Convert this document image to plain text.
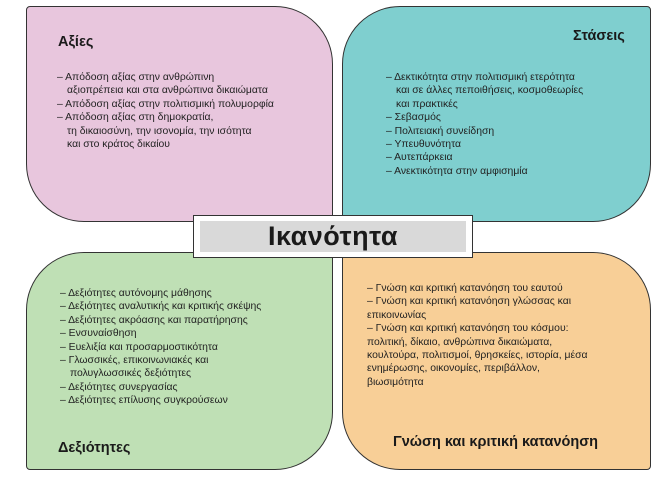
Αξίες
– Απόδοση αξίας στην ανθρώπινη
αξιοπρέπεια και στα ανθρώπινα δικαιώματα
– Απόδοση αξίας στην πολιτισμική πολυμορφία
– Απόδοση αξίας στη δημοκρατία,
τη δικαιοσύνη, την ισονομία, την ισότητα
και στο κράτος δικαίου
Στάσεις
– Δεκτικότητα στην πολιτισμική ετερότητα
και σε άλλες πεποιθήσεις, κοσμοθεωρίες
και πρακτικές
– Σεβασμός
– Πολιτειακή συνείδηση
– Υπευθυνότητα
– Αυτεπάρκεια
– Ανεκτικότητα στην αμφισημία
– Δεξιότητες αυτόνομης μάθησης
– Δεξιότητες αναλυτικής και κριτικής σκέψης
– Δεξιότητες ακρόασης και παρατήρησης
– Ενσυναίσθηση
– Ευελιξία και προσαρμοστικότητα
– Γλωσσικές, επικοινωνιακές και
πολυγλωσσικές δεξιότητες
– Δεξιότητες συνεργασίας
– Δεξιότητες επίλυσης συγκρούσεων
Δεξιότητες
– Γνώση και κριτική κατανόηση του εαυτού
– Γνώση και κριτική κατανόηση γλώσσας και
επικοινωνίας
– Γνώση και κριτική κατανόηση του κόσμου:
πολιτική, δίκαιο, ανθρώπινα δικαιώματα,
κουλτούρα, πολιτισμοί, θρησκείες, ιστορία, μέσα
ενημέρωσης, οικονομίες, περιβάλλον,
βιωσιμότητα
Γνώση και κριτική κατανόηση
Ικανότητα
